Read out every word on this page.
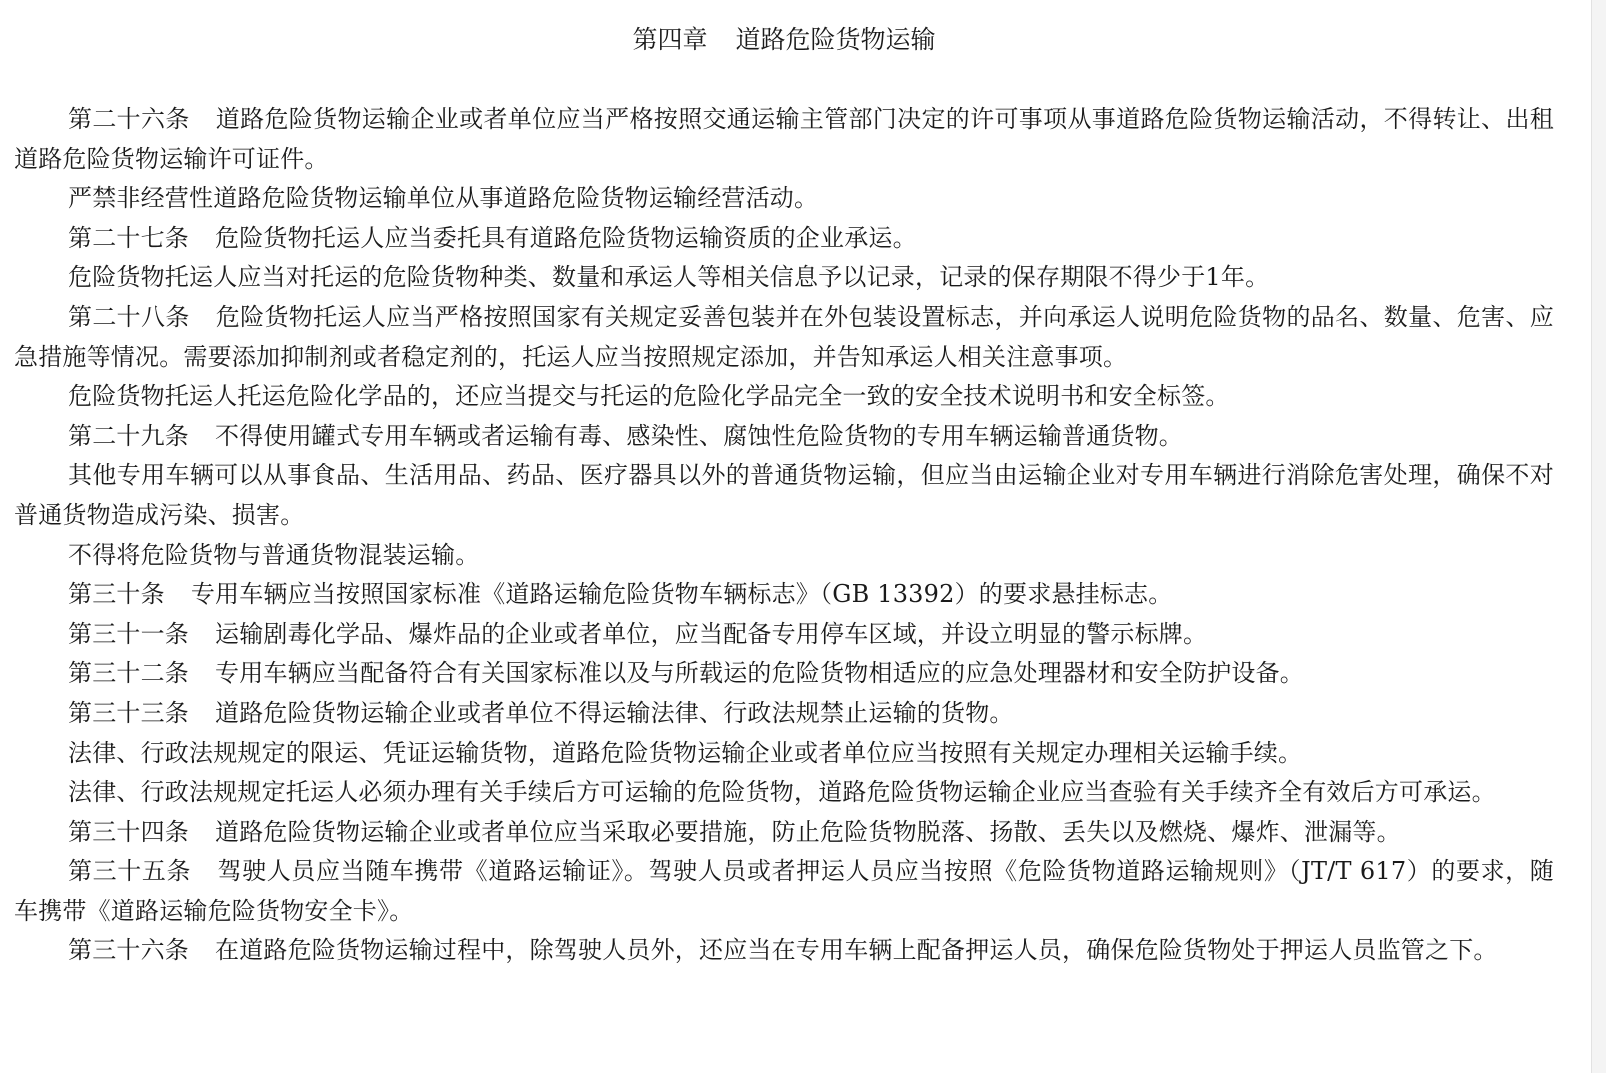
第四章 道路危险货物运输

第二十六条 道路危险货物运输企业或者单位应当严格按照交通运输主管部门决定的许可事项从事道路危险货物运输活动，不得转让、出租道路危险货物运输许可证件。

严禁非经营性道路危险货物运输单位从事道路危险货物运输经营活动。

第二十七条 危险货物托运人应当委托具有道路危险货物运输资质的企业承运。

危险货物托运人应当对托运的危险货物种类、数量和承运人等相关信息予以记录，记录的保存期限不得少于1年。

第二十八条 危险货物托运人应当严格按照国家有关规定妥善包装并在外包装设置标志，并向承运人说明危险货物的品名、数量、危害、应急措施等情况。需要添加抑制剂或者稳定剂的，托运人应当按照规定添加，并告知承运人相关注意事项。

危险货物托运人托运危险化学品的，还应当提交与托运的危险化学品完全一致的安全技术说明书和安全标签。

第二十九条 不得使用罐式专用车辆或者运输有毒、感染性、腐蚀性危险货物的专用车辆运输普通货物。

其他专用车辆可以从事食品、生活用品、药品、医疗器具以外的普通货物运输，但应当由运输企业对专用车辆进行消除危害处理，确保不对普通货物造成污染、损害。

不得将危险货物与普通货物混装运输。

第三十条 专用车辆应当按照国家标准《道路运输危险货物车辆标志》（GB 13392）的要求悬挂标志。

第三十一条 运输剧毒化学品、爆炸品的企业或者单位，应当配备专用停车区域，并设立明显的警示标牌。

第三十二条 专用车辆应当配备符合有关国家标准以及与所载运的危险货物相适应的应急处理器材和安全防护设备。

第三十三条 道路危险货物运输企业或者单位不得运输法律、行政法规禁止运输的货物。

法律、行政法规规定的限运、凭证运输货物，道路危险货物运输企业或者单位应当按照有关规定办理相关运输手续。

法律、行政法规规定托运人必须办理有关手续后方可运输的危险货物，道路危险货物运输企业应当查验有关手续齐全有效后方可承运。

第三十四条 道路危险货物运输企业或者单位应当采取必要措施，防止危险货物脱落、扬散、丢失以及燃烧、爆炸、泄漏等。

第三十五条 驾驶人员应当随车携带《道路运输证》。驾驶人员或者押运人员应当按照《危险货物道路运输规则》（JT/T 617）的要求，随车携带《道路运输危险货物安全卡》。

第三十六条 在道路危险货物运输过程中，除驾驶人员外，还应当在专用车辆上配备押运人员，确保危险货物处于押运人员监管之下。
